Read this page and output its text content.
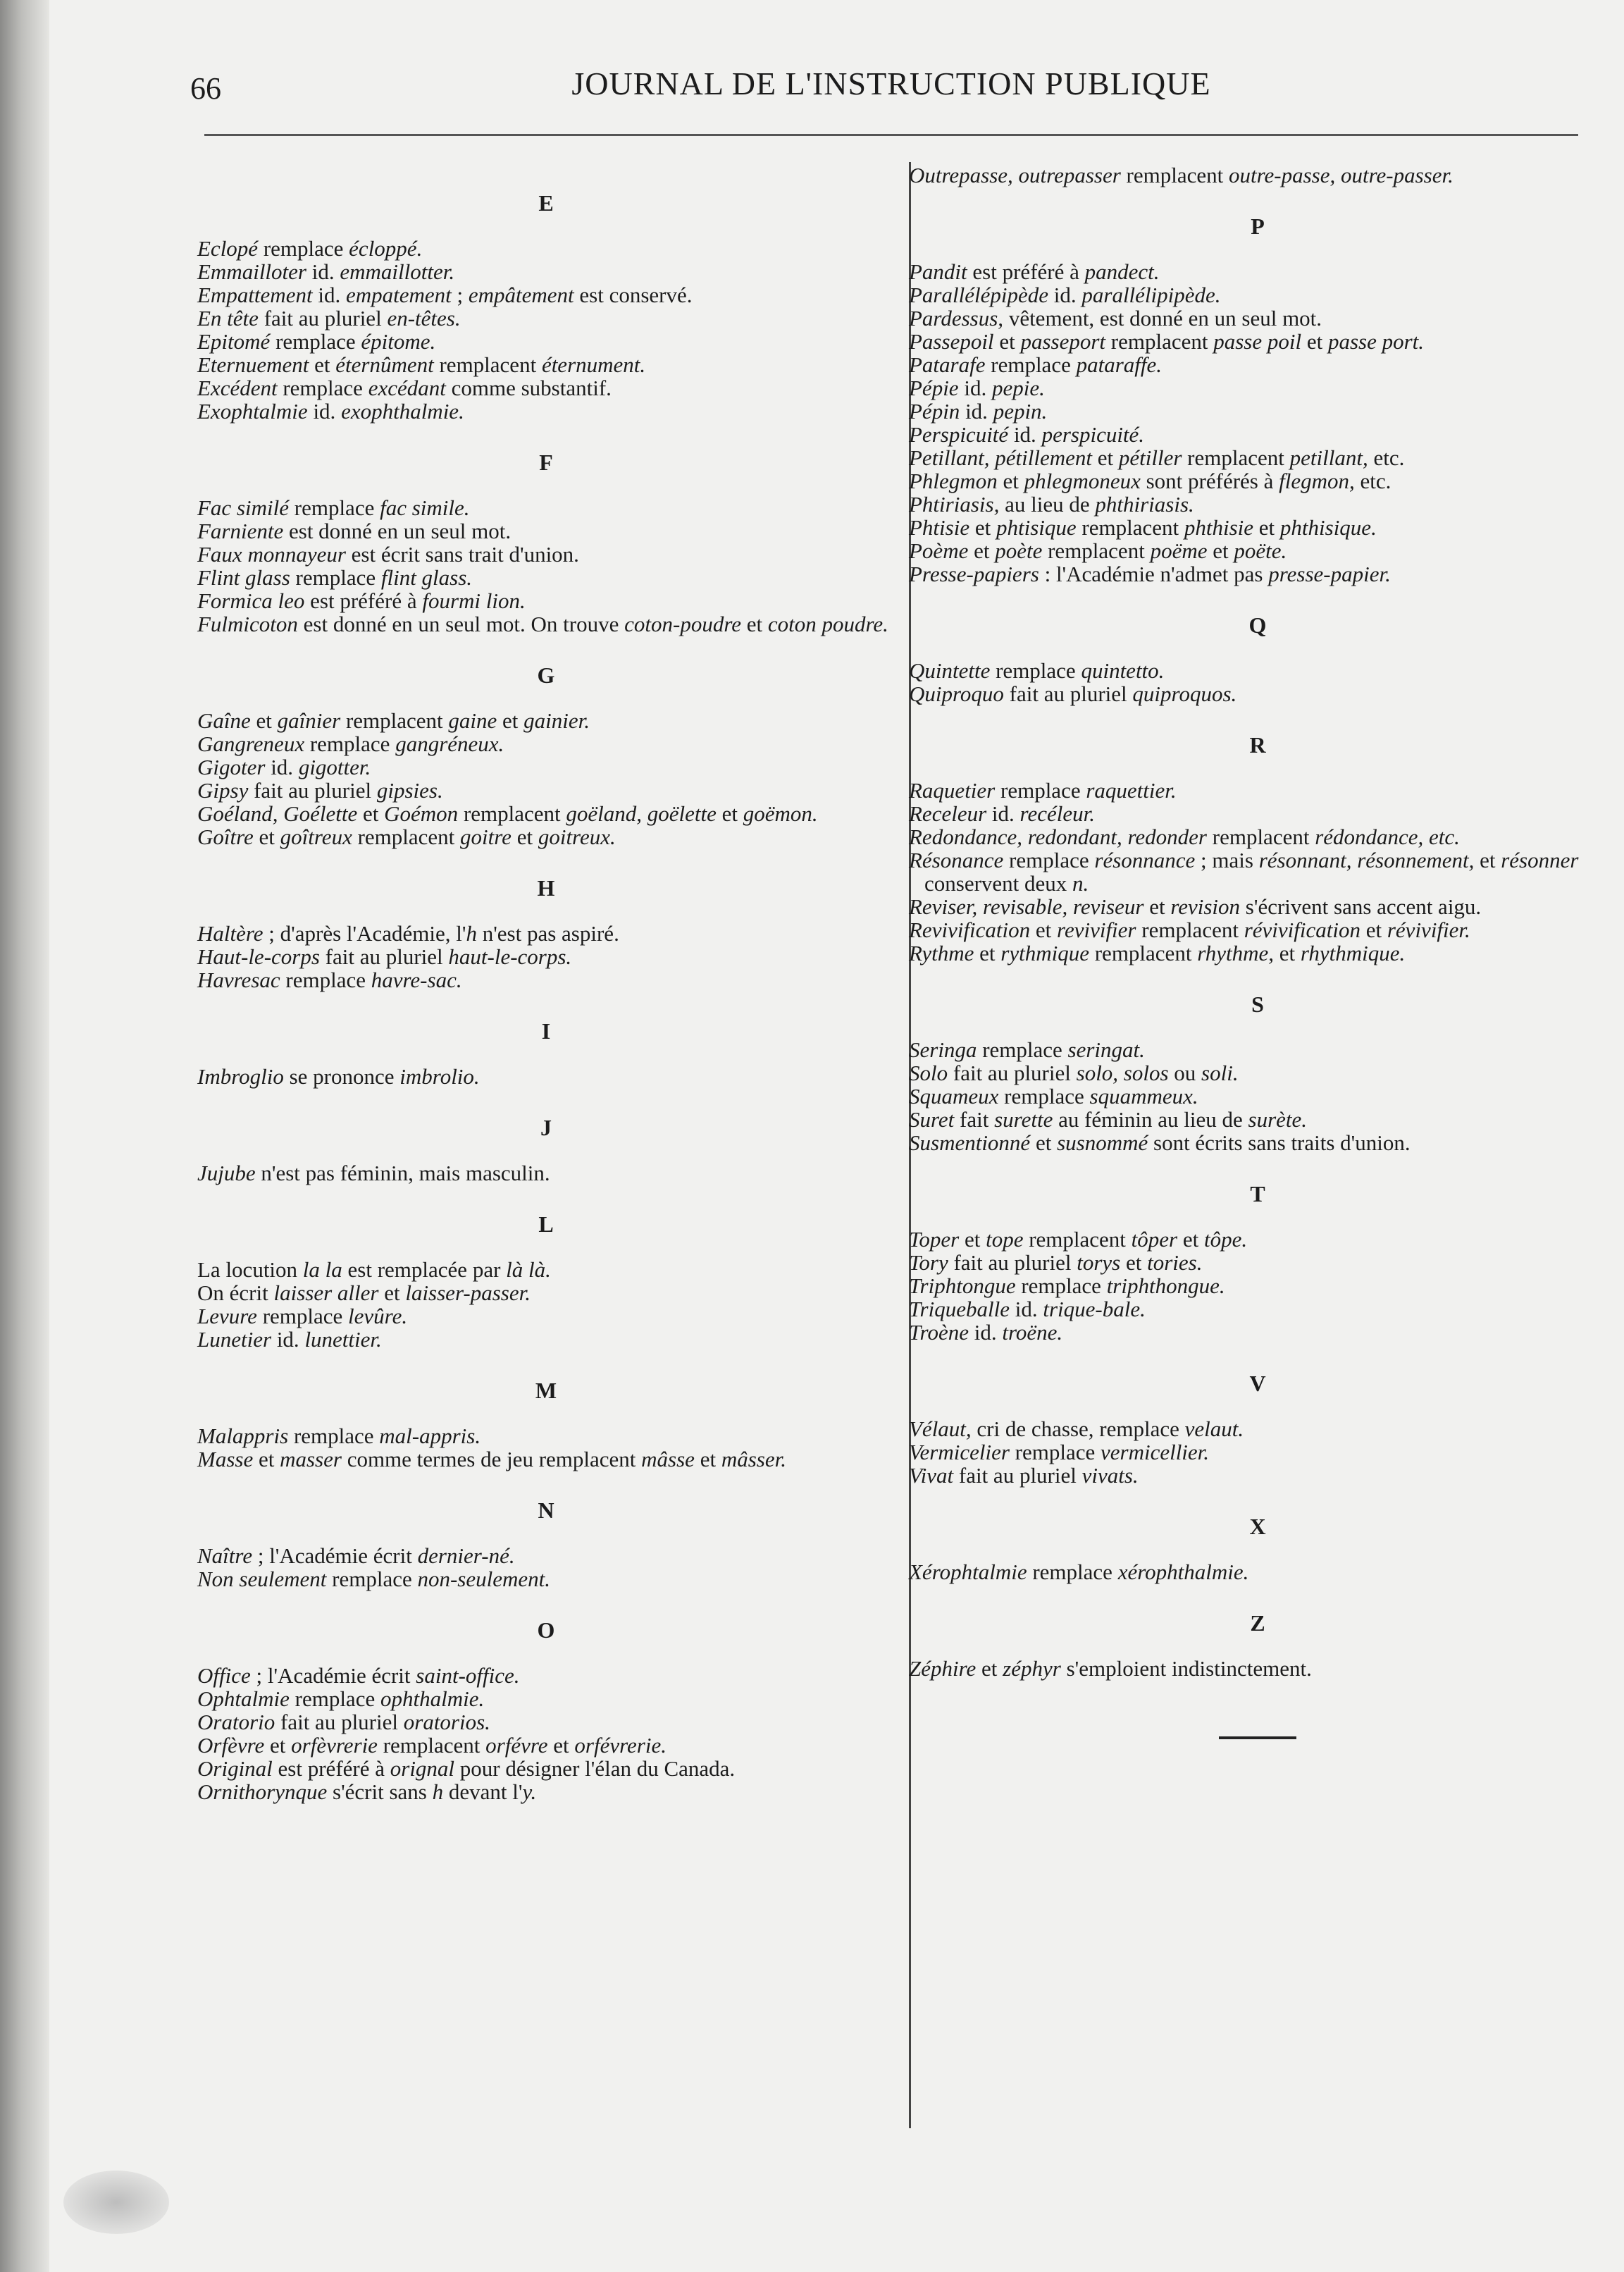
66	JOURNAL DE L'INSTRUCTION PUBLIQUE
E

Eclopé remplace écloppé.

Emmailloter id. emmaillotter.

Empattement id. empatement ; empâtement est conservé.

En tête fait au pluriel en-têtes.

Epitomé remplace épitome.

Eternuement et éternûment remplacent éternument.

Excédent remplace excédant comme substantif.

Exophtalmie id. exophthalmie.

F

Fac similé remplace fac simile.

Farniente est donné en un seul mot.

Faux monnayeur est écrit sans trait d'union.

Flint glass remplace flint glass.

Formica leo est préféré à fourmi lion.

Fulmicoton est donné en un seul mot. On trouve coton-poudre et coton poudre.

G

Gaîne et gaînier remplacent gaine et gainier.

Gangreneux remplace gangréneux.

Gigoter id. gigotter.

Gipsy fait au pluriel gipsies.

Goéland, Goélette et Goémon remplacent goëland, goëlette et goëmon.

Goître et goîtreux remplacent goitre et goitreux.

H

Haltère ; d'après l'Académie, l'h n'est pas aspiré.

Haut-le-corps fait au pluriel haut-le-corps.

Havresac remplace havre-sac.

I

Imbroglio se prononce imbrolio.

J

Jujube n'est pas féminin, mais masculin.

L

La locution la la est remplacée par là là.

On écrit laisser aller et laisser-passer.

Levure remplace levûre.

Lunetier id. lunettier.

M

Malappris remplace mal-appris.

Masse et masser comme termes de jeu remplacent mâsse et mâsser.

N

Naître ; l'Académie écrit dernier-né.

Non seulement remplace non-seulement.

O

Office ; l'Académie écrit saint-office.

Ophtalmie remplace ophthalmie.

Oratorio fait au pluriel oratorios.

Orfèvre et orfèvrerie remplacent orfévre et orfévrerie.

Original est préféré à orignal pour désigner l'élan du Canada.

Ornithorynque s'écrit sans h devant l'y.

Outrepasse, outrepasser remplacent outre-passe, outre-passer.

P

Pandit est préféré à pandect.

Parallélépipède id. parallélipipède.

Pardessus, vêtement, est donné en un seul mot.

Passepoil et passeport remplacent passe poil et passe port.

Patarafe remplace pataraffe.

Pépie id. pepie.

Pépin id. pepin.

Perspicuité id. perspicuité.

Petillant, pétillement et pétiller remplacent petillant, etc.

Phlegmon et phlegmoneux sont préférés à flegmon, etc.

Phtiriasis, au lieu de phthiriasis.

Phtisie et phtisique remplacent phthisie et phthisique.

Poème et poète remplacent poëme et poëte.

Presse-papiers : l'Académie n'admet pas presse-papier.

Q

Quintette remplace quintetto.

Quiproquo fait au pluriel quiproquos.

R

Raquetier remplace raquettier.

Receleur id. recéleur.

Redondance, redondant, redonder remplacent rédondance, etc.

Résonance remplace résonnance ; mais résonnant, résonnement, et résonner conservent deux n.

Reviser, revisable, reviseur et revision s'écrivent sans accent aigu.

Revivification et revivifier remplacent révivification et révivifier.

Rythme et rythmique remplacent rhythme, et rhythmique.

S

Seringa remplace seringat.

Solo fait au pluriel solo, solos ou soli.

Squameux remplace squammeux.

Suret fait surette au féminin au lieu de surète.

Susmentionné et susnommé sont écrits sans traits d'union.

T

Toper et tope remplacent tôper et tôpe.

Tory fait au pluriel torys et tories.

Triphtongue remplace triphthongue.

Triqueballe id. trique-bale.

Troène id. troëne.

V

Vélaut, cri de chasse, remplace velaut.

Vermicelier remplace vermicellier.

Vivat fait au pluriel vivats.

X

Xérophtalmie remplace xérophthalmie.

Z

Zéphire et zéphyr s'emploient indistinctement.
